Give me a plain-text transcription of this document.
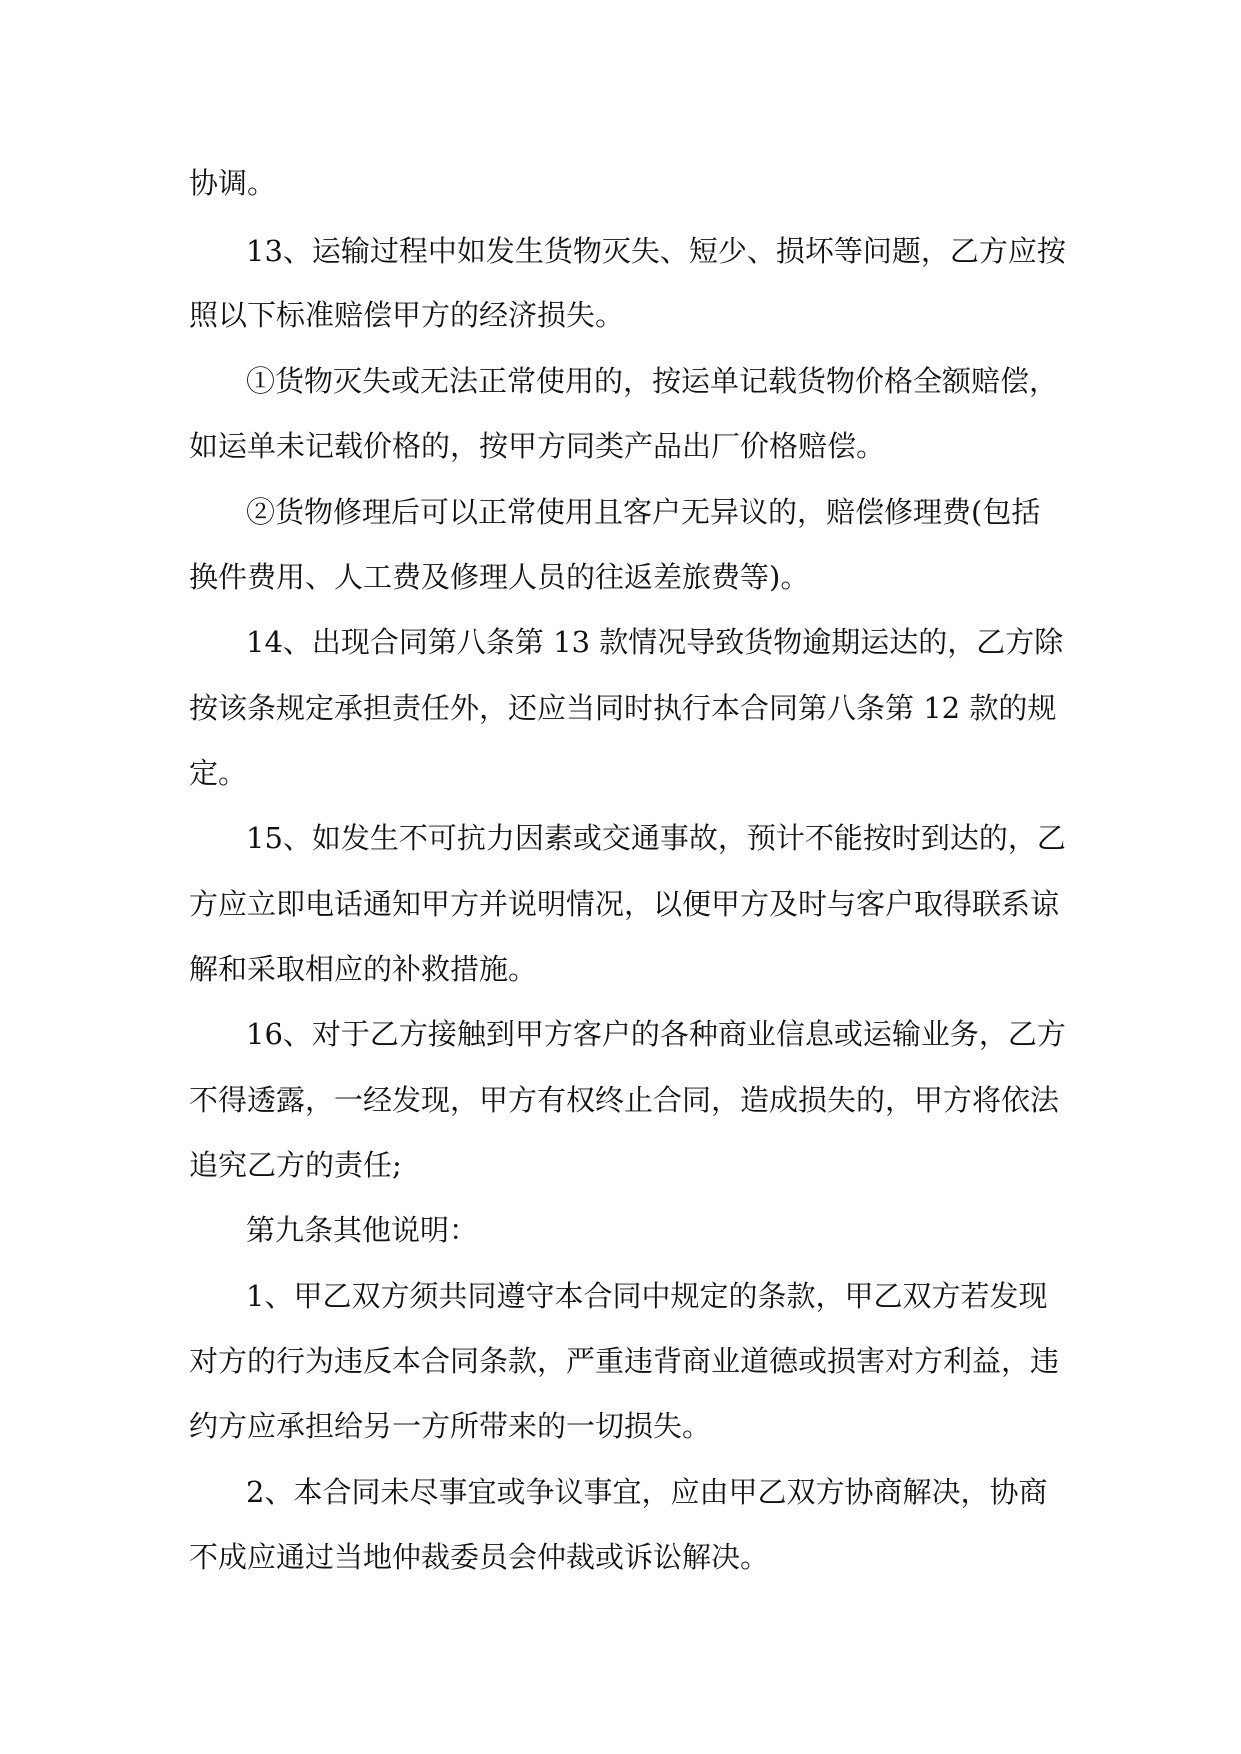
协调。
13、运输过程中如发生货物灭失、短少、损坏等问题，乙方应按
照以下标准赔偿甲方的经济损失。
①货物灭失或无法正常使用的，按运单记载货物价格全额赔偿，
如运单未记载价格的，按甲方同类产品出厂价格赔偿。
②货物修理后可以正常使用且客户无异议的，赔偿修理费(包括
换件费用、人工费及修理人员的往返差旅费等)。
14、出现合同第八条第 13 款情况导致货物逾期运达的，乙方除
按该条规定承担责任外，还应当同时执行本合同第八条第 12 款的规
定。
15、如发生不可抗力因素或交通事故，预计不能按时到达的，乙
方应立即电话通知甲方并说明情况，以便甲方及时与客户取得联系谅
解和采取相应的补救措施。
16、对于乙方接触到甲方客户的各种商业信息或运输业务，乙方
不得透露，一经发现，甲方有权终止合同，造成损失的，甲方将依法
追究乙方的责任;
第九条其他说明：
1、甲乙双方须共同遵守本合同中规定的条款，甲乙双方若发现
对方的行为违反本合同条款，严重违背商业道德或损害对方利益，违
约方应承担给另一方所带来的一切损失。
2、本合同未尽事宜或争议事宜，应由甲乙双方协商解决，协商
不成应通过当地仲裁委员会仲裁或诉讼解决。
